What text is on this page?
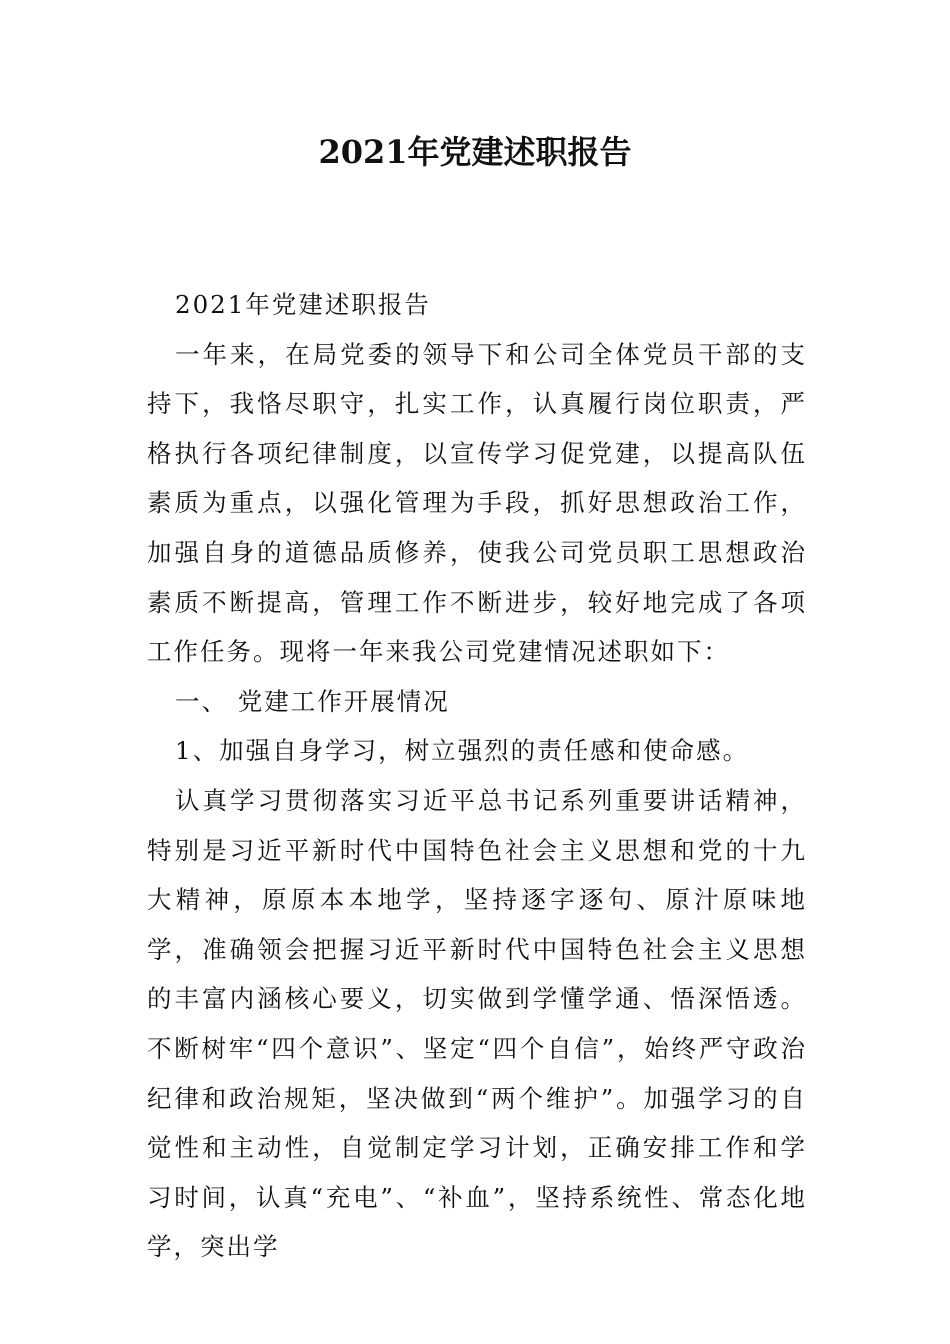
2021年党建述职报告

2021年党建述职报告

一年来，在局党委的领导下和公司全体党员干部的支持下，我恪尽职守，扎实工作，认真履行岗位职责，严格执行各项纪律制度，以宣传学习促党建，以提高队伍素质为重点，以强化管理为手段，抓好思想政治工作，加强自身的道德品质修养，使我公司党员职工思想政治素质不断提高，管理工作不断进步，较好地完成了各项工作任务。现将一年来我公司党建情况述职如下：

一、 党建工作开展情况

1、加强自身学习，树立强烈的责任感和使命感。

认真学习贯彻落实习近平总书记系列重要讲话精神，特别是习近平新时代中国特色社会主义思想和党的十九大精神，原原本本地学，坚持逐字逐句、原汁原味地学，准确领会把握习近平新时代中国特色社会主义思想的丰富内涵核心要义，切实做到学懂学通、悟深悟透。不断树牢“四个意识”、坚定“四个自信”，始终严守政治纪律和政治规矩，坚决做到“两个维护”。加强学习的自觉性和主动性，自觉制定学习计划，正确安排工作和学习时间，认真“充电”、“补血”，坚持系统性、常态化地学，突出学
